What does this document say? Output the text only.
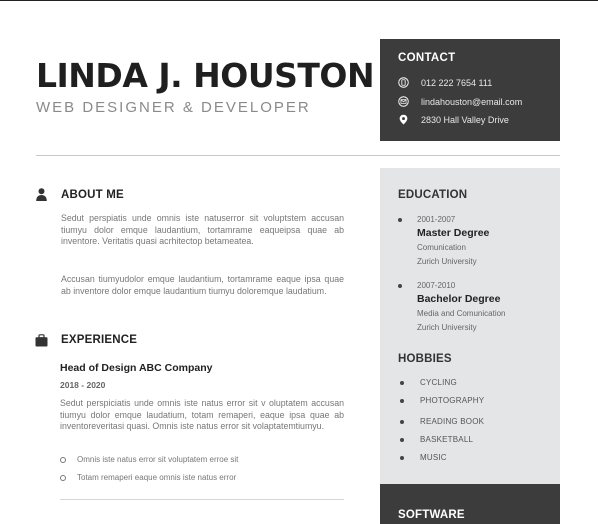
LINDA J. HOUSTON
WEB DESIGNER & DEVELOPER
CONTACT
012 222 7654 111
lindahouston@email.com
2830 Hall Valley Drive
EDUCATION
2001-2007
Master Degree
Comunication
Zurich University
2007-2010
Bachelor Degree
Media and Comunication
Zurich University
HOBBIES
CYCLING
PHOTOGRAPHY
READING BOOK
BASKETBALL
MUSIC
SOFTWARE
ABOUT ME

Sedut perspiatis unde omnis iste natuserror sit voluptstem accusan tiumyu dolor emque laudantium, tortamrame eaqueipsa quae ab inventore. Veritatis quasi acrhitectop betameatea.

Accusan tiumyudolor emque laudantium, tortamrame eaque ipsa quae ab inventore dolor emque laudantium tiumyu doloremque laudatium.

EXPERIENCE
Head of Design ABC Company
2018 - 2020

Sedut perspiciatis unde omnis iste natus error sit v oluptatem accusan tiumyu dolor emque laudatium, totam remaperi, eaque ipsa quae ab inventoreveritasi quasi. Omnis iste natus error sit volaptatemtiumyu.

Omnis iste natus error sit voluptatem erroe sit
Totam remaperi eaque omnis iste natus error
